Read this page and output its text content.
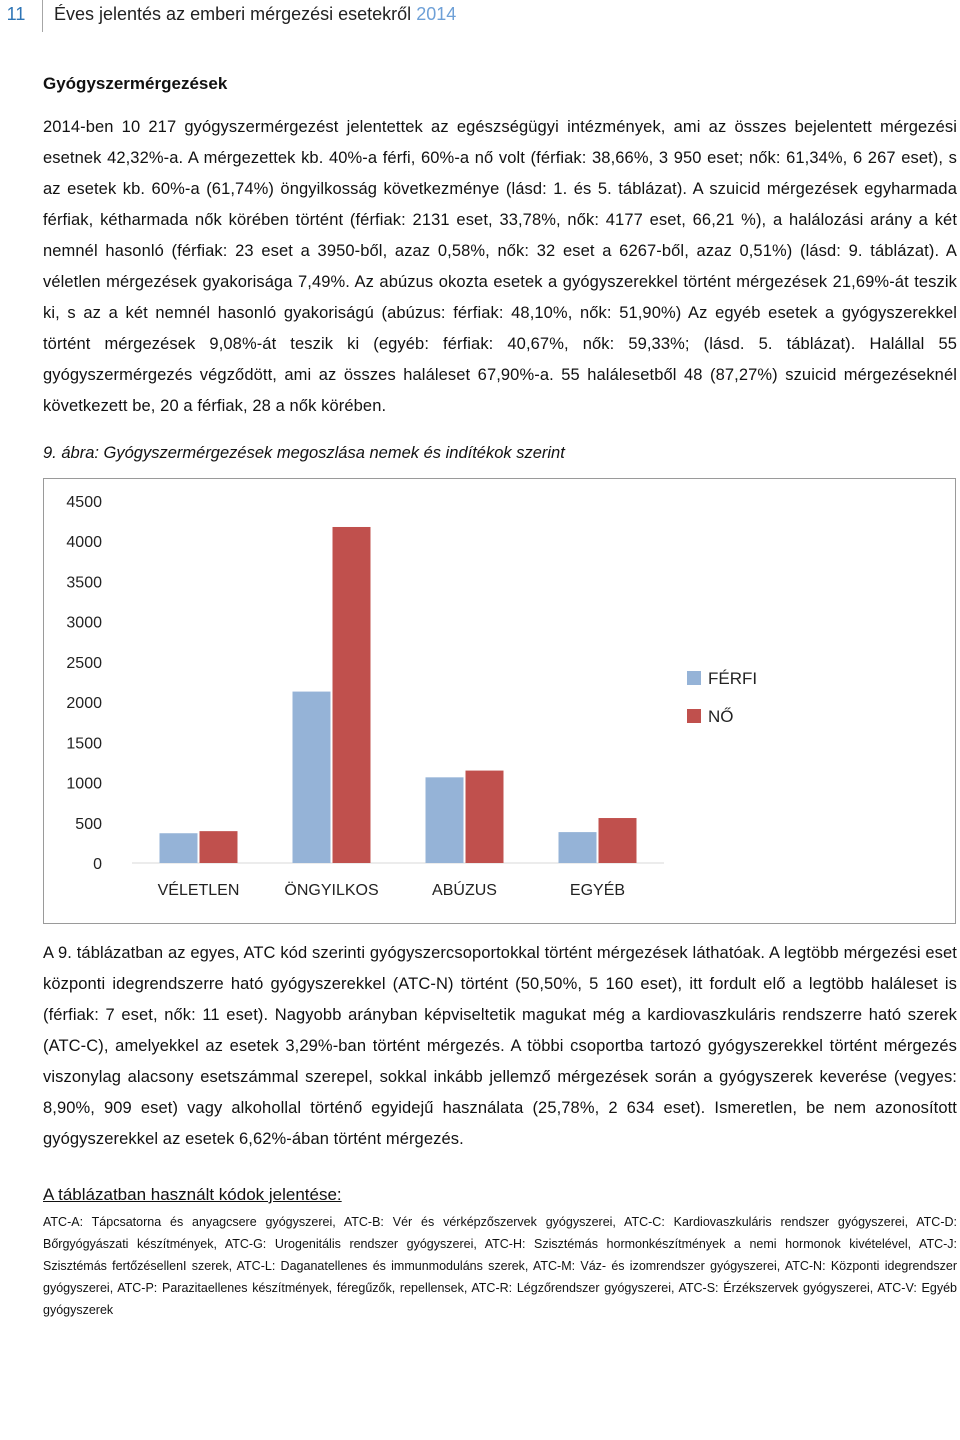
11	Éves jelentés az emberi mérgezési esetekről 2014
Gyógyszermérgezések

2014-ben 10 217 gyógyszermérgezést jelentettek az egészségügyi intézmények, ami az összes bejelentett mérgezési esetnek 42,32%-a. A mérgezettek kb. 40%-a férfi, 60%-a nő volt (férfiak: 38,66%, 3 950 eset; nők: 61,34%, 6 267 eset), s az esetek kb. 60%-a (61,74%) öngyilkosság következménye (lásd: 1. és 5. táblázat). A szuicid mérgezések egyharmada férfiak, kétharmada nők körében történt (férfiak: 2131 eset, 33,78%, nők: 4177 eset, 66,21 %), a halálozási arány a két nemnél hasonló (férfiak: 23 eset a 3950-ből, azaz 0,58%, nők: 32 eset a 6267-ből, azaz 0,51%) (lásd: 9. táblázat). A véletlen mérgezések gyakorisága 7,49%. Az abúzus okozta esetek a gyógyszerekkel történt mérgezések 21,69%-át teszik ki, s az a két nemnél hasonló gyakoriságú (abúzus: férfiak: 48,10%, nők: 51,90%) Az egyéb esetek a gyógyszerekkel történt mérgezések 9,08%-át teszik ki (egyéb: férfiak: 40,67%, nők: 59,33%; (lásd. 5. táblázat). Halállal 55 gyógyszermérgezés végződött, ami az összes haláleset 67,90%-a. 55 halálesetből 48 (87,27%) szuicid mérgezéseknél következett be, 20 a férfiak, 28 a nők körében.

9. ábra: Gyógyszermérgezések megoszlása nemek és indítékok szerint
0
500
1000
1500
2000
2500
3000
3500
4000
4500
VÉLETLEN	ÖNGYILKOS	ABÚZUS	EGYÉB
FÉRFI
NŐ

A 9. táblázatban az egyes, ATC kód szerinti gyógyszercsoportokkal történt mérgezések láthatóak. A legtöbb mérgezési eset központi idegrendszerre ható gyógyszerekkel (ATC-N) történt (50,50%, 5 160 eset), itt fordult elő a legtöbb haláleset is (férfiak: 7 eset, nők: 11 eset). Nagyobb arányban képviseltetik magukat még a kardiovaszkuláris rendszerre ható szerek (ATC-C), amelyekkel az esetek 3,29%-ban történt mérgezés. A többi csoportba tartozó gyógyszerekkel történt mérgezés viszonylag alacsony esetszámmal szerepel, sokkal inkább jellemző mérgezések során a gyógyszerek keverése (vegyes: 8,90%, 909 eset) vagy alkohollal történő egyidejű használata (25,78%, 2 634 eset). Ismeretlen, be nem azonosított gyógyszerekkel az esetek 6,62%-ában történt mérgezés.

A táblázatban használt kódok jelentése:

ATC-A: Tápcsatorna és anyagcsere gyógyszerei, ATC-B: Vér és vérképzőszervek gyógyszerei, ATC-C: Kardiovaszkuláris rendszer gyógyszerei, ATC-D: Bőrgyógyászati készítmények, ATC-G: Urogenitális rendszer gyógyszerei, ATC-H: Szisztémás hormonkészítmények a nemi hormonok kivételével, ATC-J: Szisztémás fertőzésellenI szerek, ATC-L: Daganatellenes és immunmoduláns szerek, ATC-M: Váz- és izomrendszer gyógyszerei, ATC-N: Központi idegrendszer gyógyszerei, ATC-P: Parazitaellenes készítmények, féregűzők, repellensek, ATC-R: Légzőrendszer gyógyszerei, ATC-S: Érzékszervek gyógyszerei, ATC-V: Egyéb gyógyszerek
